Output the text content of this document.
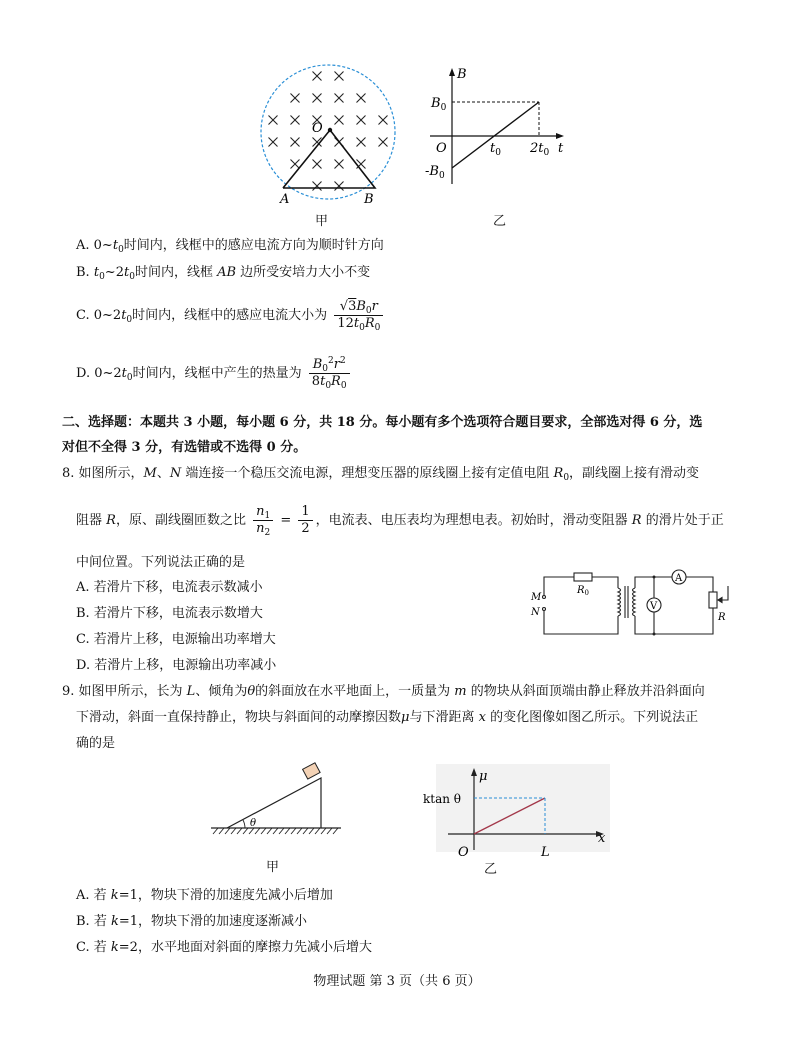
O
A	B
甲
B
t
O
$B_0$
$-B_0$
$t_0$ $2t_0$
乙
A. $0\sim t_0$时间内，线框中的感应电流方向为顺时针方向
B. $t_0\sim 2t_0$时间内，线框 AB 边所受安培力大小不变
C. $0\sim 2t_0$时间内，线框中的感应电流大小为 $\frac{√3B_0r}{12t_0R_0}$
D. $0\sim 2t_0$时间内，线框中产生的热量为 $\frac{B_0^2r^2}{8t_0R_0}$
二、选择题：本题共 3 小题，每小题 6 分，共 18 分。每小题有多个选项符合题目要求，全部选对得 6 分，选
对但不全得 3 分，有选错或不选得 0 分。
8. 如图所示，M、N 端连接一个稳压交流电源，理想变压器的原线圈上接有定值电阻 $R_0$，副线圈上接有滑动变
阻器 R，原、副线圈匝数之比 $\frac{n_1}{n_2} = \frac{1}{2}$ ，电流表、电压表均为理想电表。初始时，滑动变阻器 R 的滑片处于正
中间位置。下列说法正确的是
A. 若滑片下移，电流表示数减小
B. 若滑片下移，电流表示数增大
C. 若滑片上移，电源输出功率增大
D. 若滑片上移，电源输出功率减小
M
N
$R_0$
A
V
R
9. 如图甲所示，长为 L、倾角为θ的斜面放在水平地面上，一质量为 m 的物块从斜面顶端由静止释放并沿斜面向
下滑动，斜面一直保持静止，物块与斜面间的动摩擦因数μ与下滑距离 x 的变化图像如图乙所示。下列说法正
确的是
θ
甲
μ
x
O	L
ktan θ
乙
A. 若 k=1，物块下滑的加速度先减小后增加
B. 若 k=1，物块下滑的加速度逐渐减小
C. 若 k=2，水平地面对斜面的摩擦力先减小后增大
物理试题 第 3 页（共 6 页）
